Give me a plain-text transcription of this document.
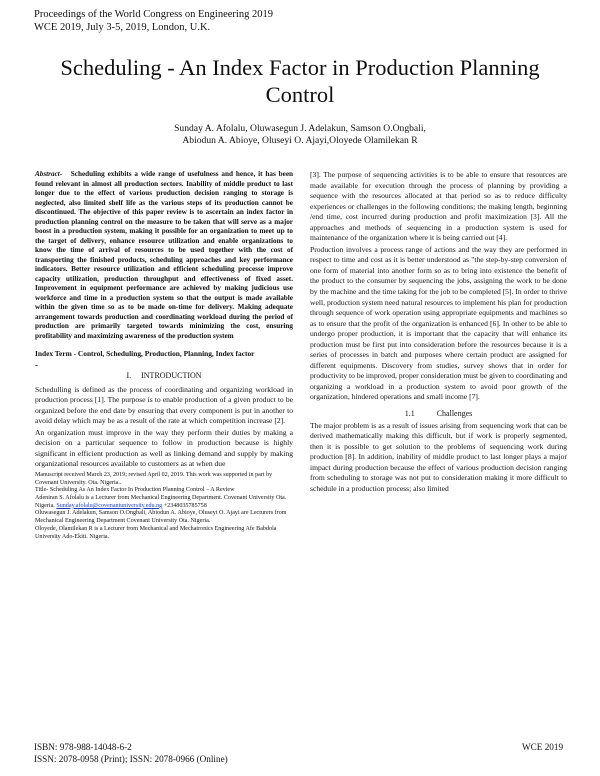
Proceedings of the World Congress on Engineering 2019
WCE 2019, July 3-5, 2019, London, U.K.
Scheduling - An Index Factor in Production Planning
Control
Sunday A. Afolalu, Oluwasegun J. Adelakun, Samson O.Ongbali,
Abiodun A. Abioye, Oluseyi O. Ajayi,Oloyede Olamilekan R

Abstract- Scheduling exhibits a wide range of usefulness and hence, it has been found relevant in almost all production sectors. Inability of middle product to last longer due to the effect of various production decision ranging to storage is neglected, also limited shelf life as the various steps of its production cannot be discontinued. The objective of this paper review is to ascertain an index factor in production planning control on the measure to be taken that will serve as a major boost in a production system, making it possible for an organization to meet up to the target of delivery, enhance resource utilization and enable organizations to know the time of arrival of resources to be used together with the cost of transporting the finished products, scheduling approaches and key performance indicators. Better resource utilization and efficient scheduling processe improve capacity utilization, production throughput and effectiveness of fixed asset. Improvement in equipment performance are achieved by making judicious use workforce and time in a production system so that the output is made available within the given time so as to be made on-time for delivery. Making adequate arrangement towards production and coordinating workload during the period of production are primarily targeted towards minimizing the cost, ensuring profitability and maximizing awareness of the production system

Index Term - Control, Scheduling, Production, Planning, Index factor

-

I. INTRODUCTION

Schedulling is defined as the process of coordinating and organizing workload in production process [1]. The purpose is to enable production of a given product to be organized before the end date by ensuring that every component is put in another to avoid delay which may be as a result of the rate at which competition increase [2].

An organization must improve in the way they perform their duties by making a decision on a particular sequence to follow in production because is highly significant in efficient production as well as linking demand and supply by making organizational resources available to customers as at when due

Manuscript received March 23, 2019; revised April 02, 2019. This work was supported in part by Covenant University. Ota. Nigeria..
Title- Scheduling As An Index Factor In Production Planning Control – A Review
Adeniran S. Afolalu is a Lecturer from Mechanical Engineering Department. Covenant University Ota. Nigeria. Sunday.afolalu@covenantuniversity.edu.ng +2348035785758
Oluwasegun J. Adelakun, Samson O.Ongbali, Abiodun A. Abioye, Oluseyi O. Ajayi are Lecturers from Mechanical Engineering Department Covenant University Ota. Nigeria.
Oloyede, Olamilekan R is a Lecturer from Mechanical and Mechatronics Engineering Afe Babdola University Ado-Ekiti. Nigeria.

[3]. The purpose of sequencing activities is to be able to ensure that resources are made available for execution through the process of planning by providing a sequence with the resources allocated at that period so as to reduce difficulty experiences or challenges in the following conditions; the making length, beginning /end time, cost incurred during production and profit maximization [3]. All the approaches and methods of sequencing in a production system is used for maintenance of the organization where it is being carried out [4].

Production involves a process range of actions and the way they are performed in respect to time and cost as it is better understood as "the step-by-step conversion of one form of material into another form so as to bring into existence the benefit of the product to the consumer by sequencing the jobs, assigning the work to be done by the machine and the time taking for the job to be completed [5]. In order to thrive well, production system need natural resources to implement his plan for production through sequence of work operation using appropriate equipments and machines so as to ensure that the profit of the organization is enhanced [6]. In other to be able to undergo proper production, it is important that the capacity that will enhance its production must be first put into consideration before the resources because it is a series of processes in batch and purposes where certain product are assigned for different equipments. Discovery from studies, survey shows that in order for productivity to be improved, proper consideration must be given to coordinating and organizing a workload in a production system to avoid poor growth of the organization, hindered operations and small income [7].

1.1	Challenges

The major problem is as a result of issues arising from sequencing work that can be derived mathematically making this difficult, but if work is properly segmented, then it is possible to get solution to the problems of sequencing work during production [8]. In addition, inability of middle product to last longer plays a major impact during production because the effect of various production decision ranging from scheduling to storage was not put to consideration making it more difficult to schedule in a production process; also limited

ISBN: 978-988-14048-6-2
ISSN: 2078-0958 (Print); ISSN: 2078-0966 (Online)
WCE 2019
